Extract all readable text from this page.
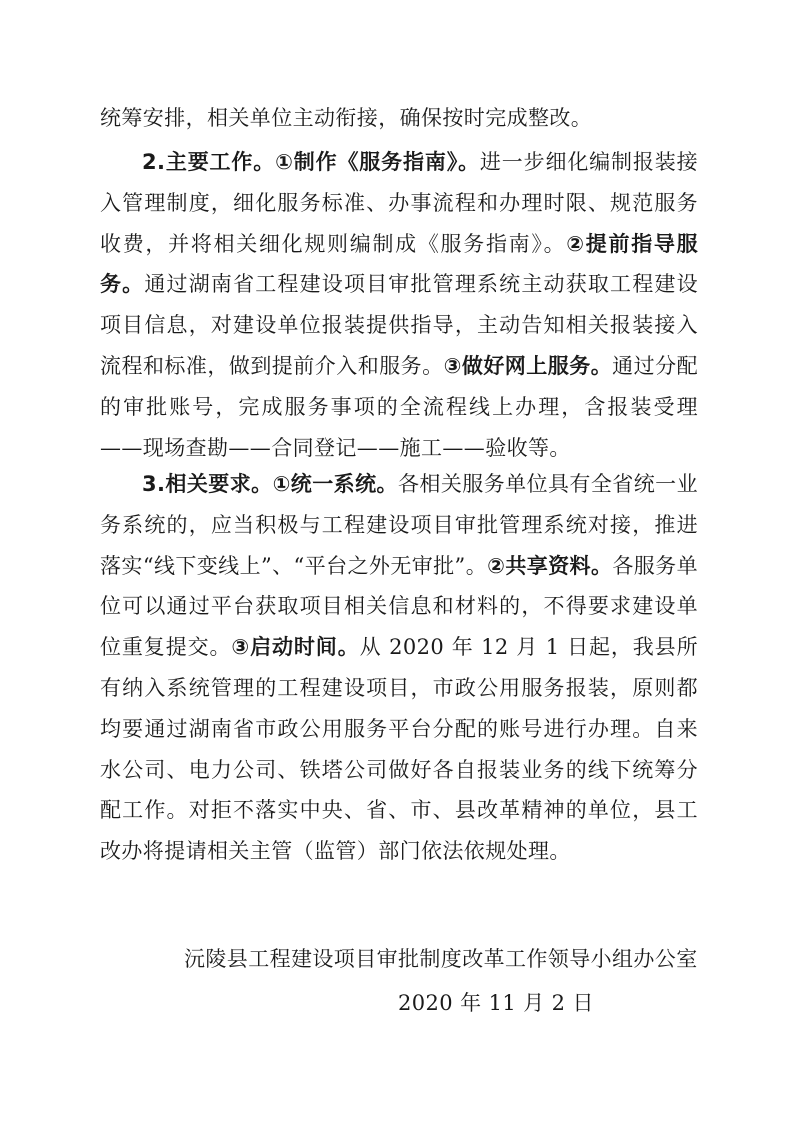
统筹安排，相关单位主动衔接，确保按时完成整改。

2.主要工作。①制作《服务指南》。进一步细化编制报装接入管理制度，细化服务标准、办事流程和办理时限、规范服务收费，并将相关细化规则编制成《服务指南》。②提前指导服务。通过湖南省工程建设项目审批管理系统主动获取工程建设项目信息，对建设单位报装提供指导，主动告知相关报装接入流程和标准，做到提前介入和服务。③做好网上服务。通过分配的审批账号，完成服务事项的全流程线上办理，含报装受理——现场查勘——合同登记——施工——验收等。

3.相关要求。①统一系统。各相关服务单位具有全省统一业务系统的，应当积极与工程建设项目审批管理系统对接，推进落实“线下变线上”、“平台之外无审批”。②共享资料。各服务单位可以通过平台获取项目相关信息和材料的，不得要求建设单位重复提交。③启动时间。从 2020 年 12 月 1 日起，我县所有纳入系统管理的工程建设项目，市政公用服务报装，原则都均要通过湖南省市政公用服务平台分配的账号进行办理。自来水公司、电力公司、铁塔公司做好各自报装业务的线下统筹分配工作。对拒不落实中央、省、市、县改革精神的单位，县工改办将提请相关主管（监管）部门依法依规处理。

沅陵县工程建设项目审批制度改革工作领导小组办公室
2020 年 11 月 2 日
